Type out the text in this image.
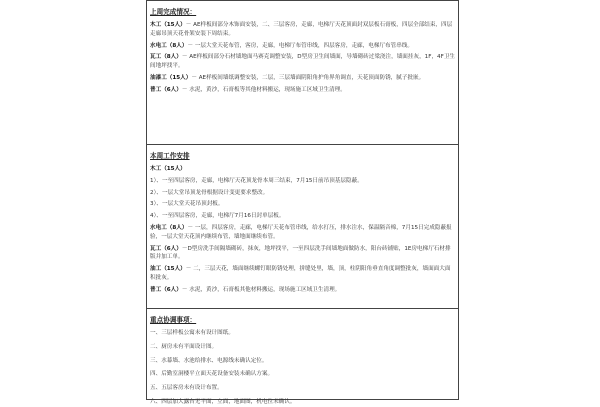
上周完成情况：
木工（15人）－ AE样板间部分木饰面安装，二、三层客房，走廊，电梯厅天花顶面封双层板石膏板，四层全部结束，四层走廊吊顶天花骨架安装下周结束。
水电工（8人）－ 一层大堂天花布管，客房，走廊，电梯厅布管串线，四层客房，走廊，电梯厅布管串线。
瓦工（8人）－ AE样板间部分石材墙地面马赛克调整安装，D型房卫生间墙面，导墙砌砖过梁浇注，墙面挂灰，1F，4F卫生间地坪找平。
油漆工（15人）－ AE样板间墙纸调整安装，二层，三层墙面阴阳角护角界角调直，天花顶面防锈，腻子批嵌。
普工（6人）－ 水泥，黄沙，石膏板等其他材料搬运，现场施工区域卫生清理。
本周工作安排
木工（15人）
1）、一至四层客房，走廊，电梯厅天花顶龙骨本周三结束，7月15日前吊顶基层隐蔽。
2）、一层大堂吊顶龙骨根据设计变更要求整改。
3）、一层大堂天花吊顶封板。
4）、一至四层客房，走廊，电梯厅7月16日封单层板。
水电工（8人）－ 一层，四层客房，走廊，电梯厅天花布管串线，给水打压，排水注水，保温隔音棉，7月15日完成隐蔽报验，一层大堂天花顶内继续布管，墙地面继续布管。
瓦工（6人）－D型房洗手间隔墙砌砖，抹灰，地坪找平，一至四层洗手间墙地面做防水，阳台砖铺贴，1E房电梯厅石材排版并加工单。
油工（15人）－ 二，三层天花，墙面继续螺钉眼防锈处理，拼缝处里，墙，顶，柱阴阳角垂直角度调整批灰，墙面面大面积批灰。
普工（6人）－ 水泥，黄沙，石膏板其他材料搬运，现场施工区域卫生清理。
重点协调事项：
一、三层样板公寓未有设计图纸。
二、厨房未有平面设计图。
三、水幕墙、水池给排水、电源线未确认定位。
四、后勤室洞楼平立面天花设备安装未确认方案。
五、五层客房未有设计布置。
六、四层加大露台无平面，立面，地面图，机电位未确认。
